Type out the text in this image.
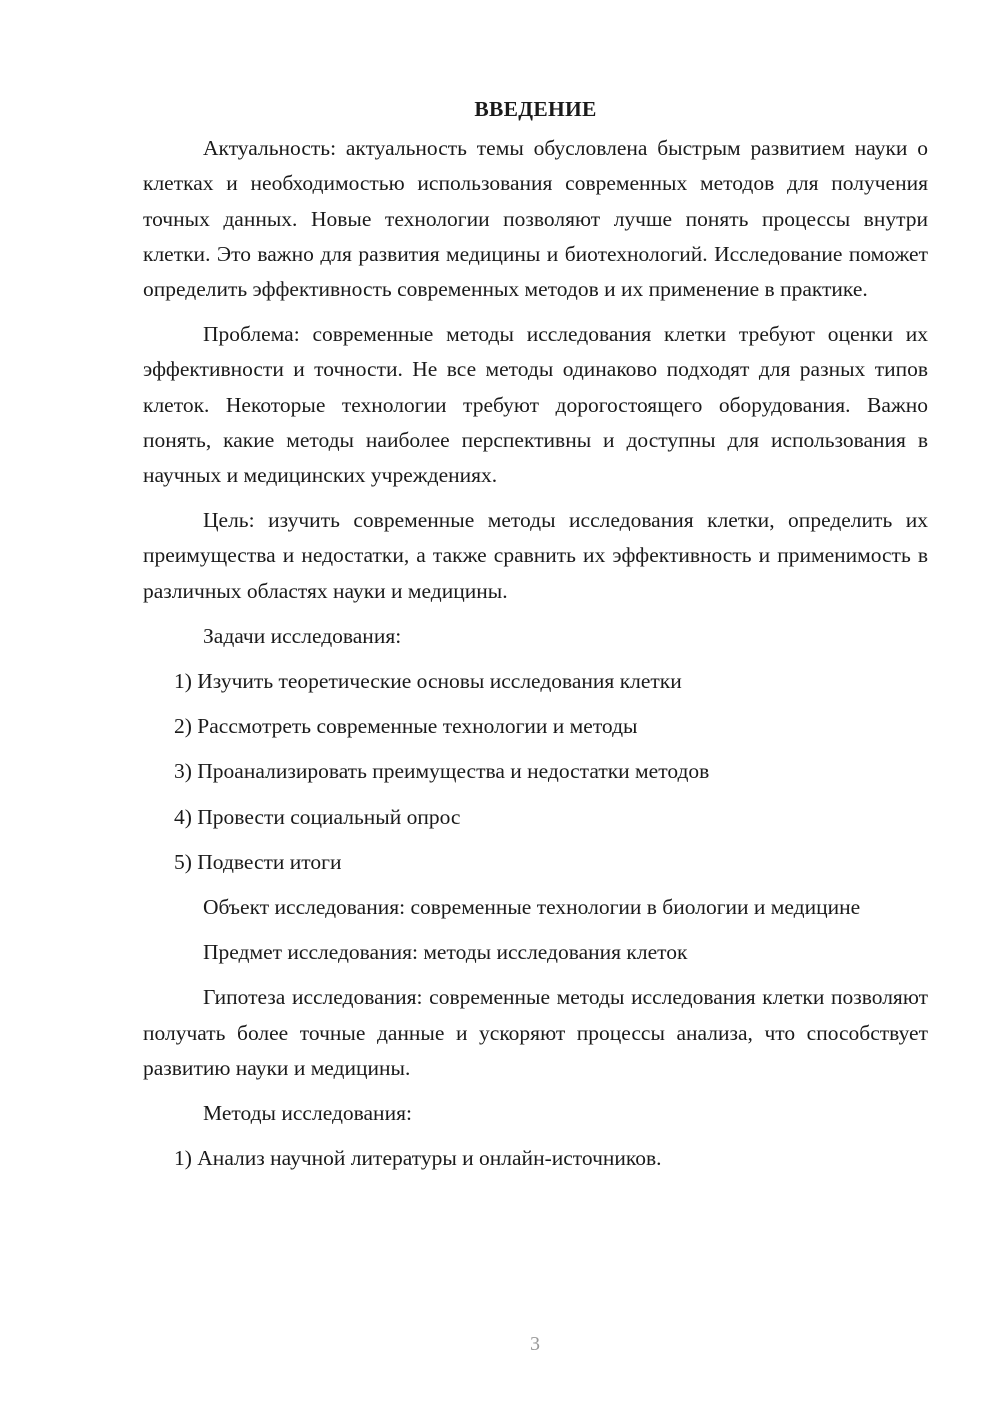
ВВЕДЕНИЕ

Актуальность: актуальность темы обусловлена быстрым развитием науки о клетках и необходимостью использования современных методов для получения точных данных. Новые технологии позволяют лучше понять процессы внутри клетки. Это важно для развития медицины и биотехнологий. Исследование поможет определить эффективность современных методов и их применение в практике.

Проблема: современные методы исследования клетки требуют оценки их эффективности и точности. Не все методы одинаково подходят для разных типов клеток. Некоторые технологии требуют дорогостоящего оборудования. Важно понять, какие методы наиболее перспективны и доступны для использования в научных и медицинских учреждениях.

Цель: изучить современные методы исследования клетки, определить их преимущества и недостатки, а также сравнить их эффективность и применимость в различных областях науки и медицины.

Задачи исследования:

1) Изучить теоретические основы исследования клетки

2) Рассмотреть современные технологии и методы

3) Проанализировать преимущества и недостатки методов

4) Провести социальный опрос

5) Подвести итоги

Объект исследования: современные технологии в биологии и медицине

Предмет исследования: методы исследования клеток

Гипотеза исследования: современные методы исследования клетки позволяют получать более точные данные и ускоряют процессы анализа, что способствует развитию науки и медицины.

Методы исследования:

1) Анализ научной литературы и онлайн-источников.

3
